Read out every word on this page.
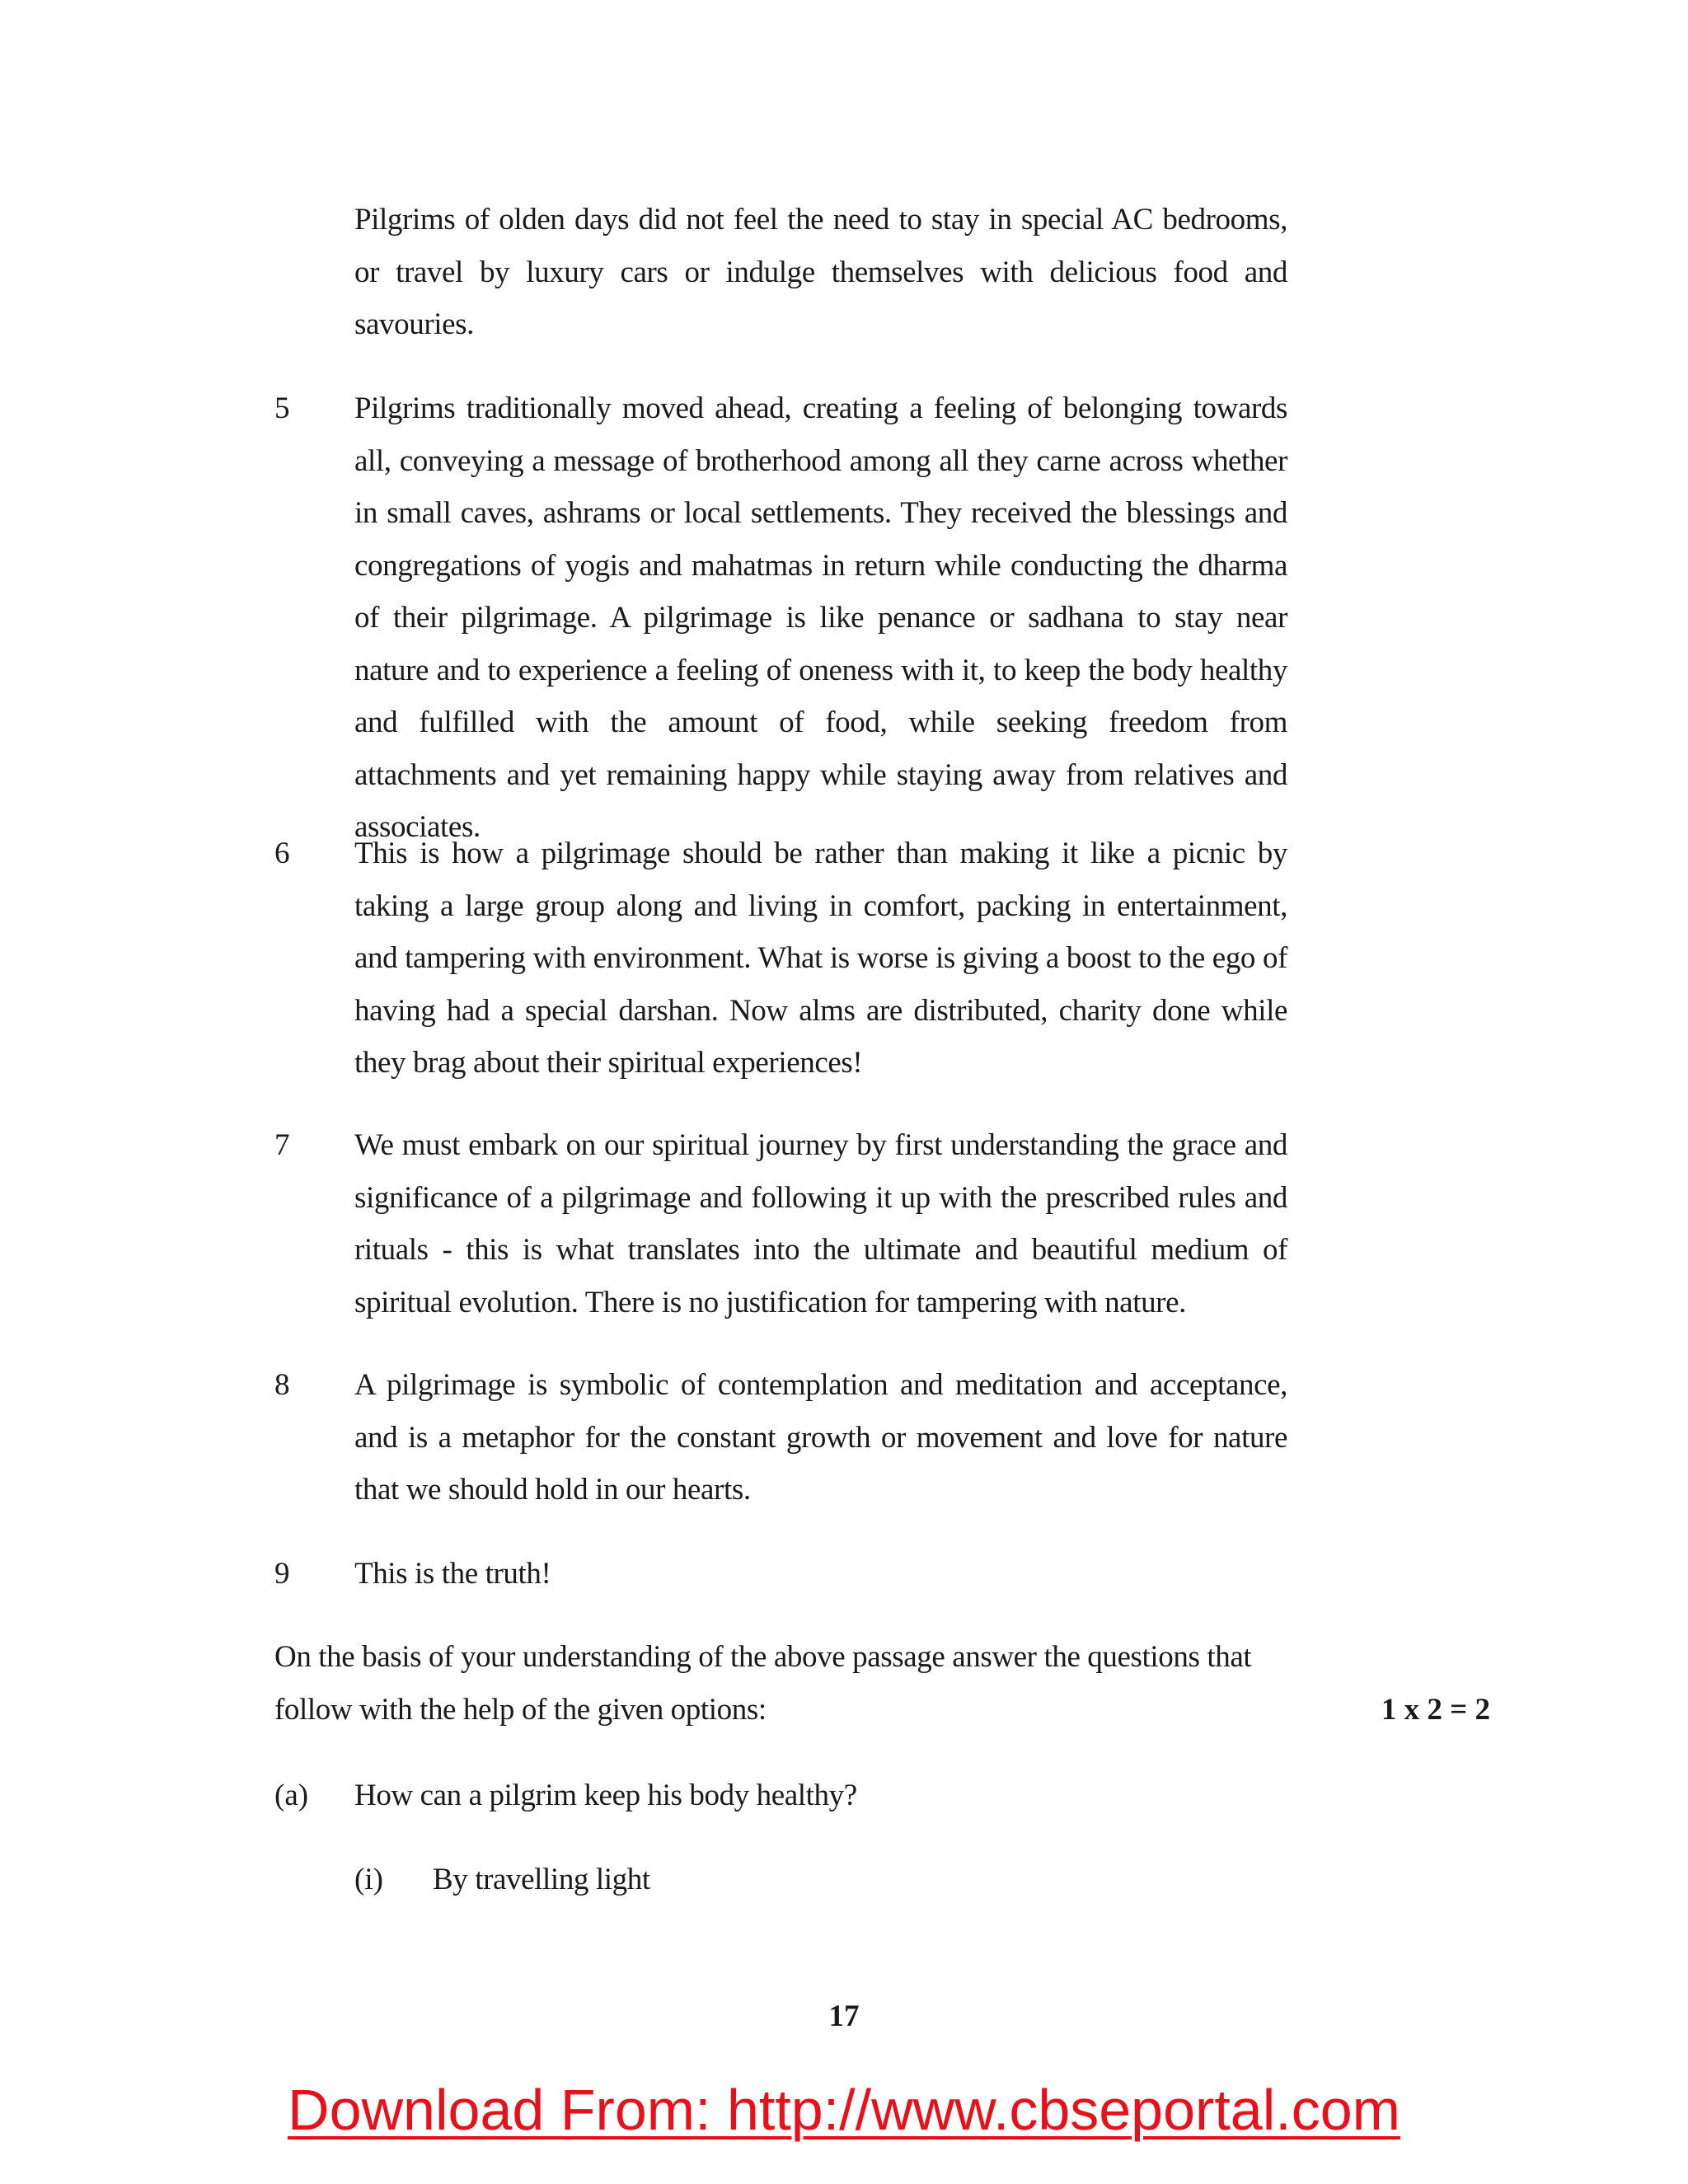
Pilgrims of olden days did not feel the need to stay in special AC bedrooms, or travel by luxury cars or indulge themselves with delicious food and savouries.
5 Pilgrims traditionally moved ahead, creating a feeling of belonging towards all, conveying a message of brotherhood among all they carne across whether in small caves, ashrams or local settlements. They received the blessings and congregations of yogis and mahatmas in return while conducting the dharma of their pilgrimage. A pilgrimage is like penance or sadhana to stay near nature and to experience a feeling of oneness with it, to keep the body healthy and fulfilled with the amount of food, while seeking freedom from attachments and yet remaining happy while staying away from relatives and associates.
6 This is how a pilgrimage should be rather than making it like a picnic by taking a large group along and living in comfort, packing in entertainment, and tampering with environment. What is worse is giving a boost to the ego of having had a special darshan. Now alms are distributed, charity done while they brag about their spiritual experiences!
7 We must embark on our spiritual journey by first understanding the grace and significance of a pilgrimage and following it up with the prescribed rules and rituals - this is what translates into the ultimate and beautiful medium of spiritual evolution. There is no justification for tampering with nature.
8 A pilgrimage is symbolic of contemplation and meditation and acceptance, and is a metaphor for the constant growth or movement and love for nature that we should hold in our hearts.
9 This is the truth!
On the basis of your understanding of the above passage answer the questions that follow with the help of the given options:	1 x 2 = 2
(a) How can a pilgrim keep his body healthy?
(i) By travelling light
17
Download From: http://www.cbseportal.com
